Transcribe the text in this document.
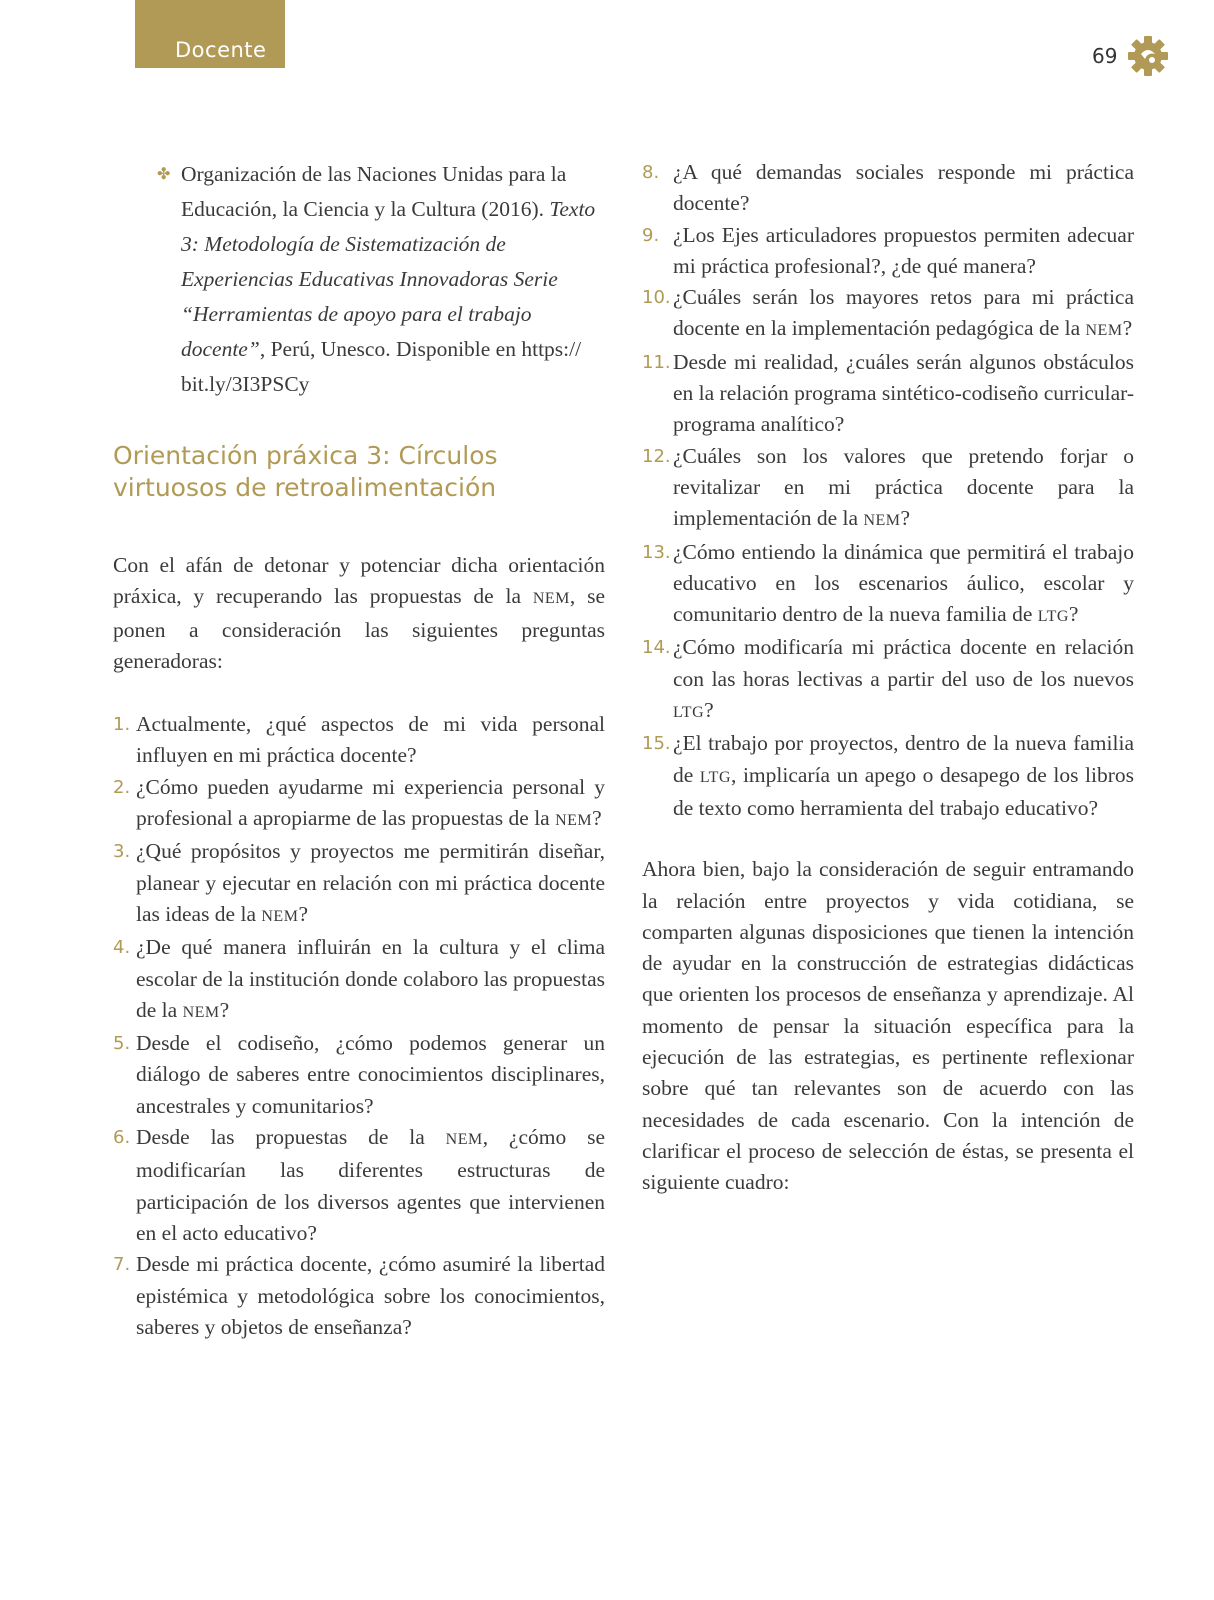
Docente	69
✤ Organización de las Naciones Unidas para la Educación, la Ciencia y la Cultura (2016). Texto 3: Metodología de Sistematización de Experiencias Educativas Innovadoras Serie “Herramientas de apoyo para el trabajo docente”, Perú, Unesco. Disponible en https:// bit.ly/3I3PSCy

Orientación práxica 3: Círculos
virtuosos de retroalimentación

Con el afán de detonar y potenciar dicha orientación práxica, y recuperando las propuestas de la NEM, se ponen a consideración las siguientes preguntas generadoras:

1. Actualmente, ¿qué aspectos de mi vida personal influyen en mi práctica docente?
2. ¿Cómo pueden ayudarme mi experiencia personal y profesional a apropiarme de las propuestas de la NEM?
3. ¿Qué propósitos y proyectos me permitirán diseñar, planear y ejecutar en relación con mi práctica docente las ideas de la NEM?
4. ¿De qué manera influirán en la cultura y el clima escolar de la institución donde colaboro las propuestas de la NEM?
5. Desde el codiseño, ¿cómo podemos generar un diálogo de saberes entre conocimientos disciplinares, ancestrales y comunitarios?
6. Desde las propuestas de la NEM, ¿cómo se modificarían las diferentes estructuras de participación de los diversos agentes que intervienen en el acto educativo?
7. Desde mi práctica docente, ¿cómo asumiré la libertad epistémica y metodológica sobre los conocimientos, saberes y objetos de enseñanza?
8. ¿A qué demandas sociales responde mi práctica docente?
9. ¿Los Ejes articuladores propuestos permiten adecuar mi práctica profesional?, ¿de qué manera?
10. ¿Cuáles serán los mayores retos para mi práctica docente en la implementación pedagógica de la NEM?
11. Desde mi realidad, ¿cuáles serán algunos obstáculos en la relación programa sintético-codiseño curricular-programa analítico?
12. ¿Cuáles son los valores que pretendo forjar o revitalizar en mi práctica docente para la implementación de la NEM?
13. ¿Cómo entiendo la dinámica que permitirá el trabajo educativo en los escenarios áulico, escolar y comunitario dentro de la nueva familia de LTG?
14. ¿Cómo modificaría mi práctica docente en relación con las horas lectivas a partir del uso de los nuevos LTG?
15. ¿El trabajo por proyectos, dentro de la nueva familia de LTG, implicaría un apego o desapego de los libros de texto como herramienta del trabajo educativo?

Ahora bien, bajo la consideración de seguir entramando la relación entre proyectos y vida cotidiana, se comparten algunas disposiciones que tienen la intención de ayudar en la construcción de estrategias didácticas que orienten los procesos de enseñanza y aprendizaje. Al momento de pensar la situación específica para la ejecución de las estrategias, es pertinente reflexionar sobre qué tan relevantes son de acuerdo con las necesidades de cada escenario. Con la intención de clarificar el proceso de selección de éstas, se presenta el siguiente cuadro:
